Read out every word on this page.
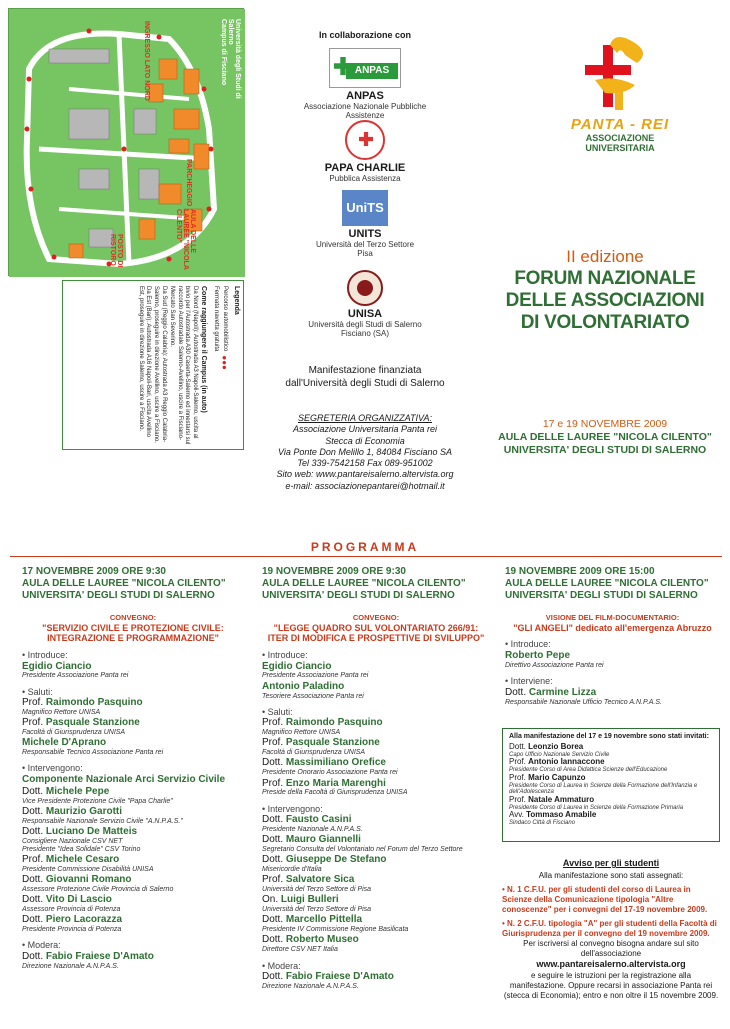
Università degli Studi di Salerno
Campus di Fisciano
INGRESSO LATO NORD
PARCHEGGIO
AULA DELLE LAUREE "NICOLA CILENTO"
POSTO DI RISTORO
Legenda
Percorso automobilistico
●●●
Fermata navetta gratuita
Come raggiungere il Campus (in auto)
Da Nord (Napoli): Autostrada A3 Napoli-Salerno, uscita al bivio per l'Autostrada A30 Caserta-Salerno ed innestarsi sul raccordo Autostradale Salerno-Avellino, uscire a Fisciano-Mercato San Severino.
Da Sud (Reggio Calabria): Autostrada A3 Reggio Calabria-Salerno, proseguire in direzione Avellino, uscire a Fisciano.
Da Est (Bari): Autostrada A16 Napoli-Bari, uscita Avellino Est, proseguire in direzione Salerno, uscire a Fisciano.
In collaborazione con
ANPAS
ANPAS
Associazione Nazionale Pubbliche Assistenze
PAPA CHARLIE
Pubblica Assistenza
UniTS
UNITS
Università del Terzo Settore
Pisa
UNISA
Università degli Studi di Salerno
Fisciano (SA)
Manifestazione finanziata
dall'Università degli Studi di Salerno
SEGRETERIA ORGANIZZATIVA:
Associazione Universitaria Panta rei
Stecca di Economia
Via Ponte Don Melillo 1, 84084 Fisciano SA
Tel 339-7542158 Fax 089-951002
Sito web: www.pantareisalerno.altervista.org
e-mail: associazionepantarei@hotmail.it
PANTA - REI
ASSOCIAZIONE UNIVERSITARIA
II edizione
FORUM NAZIONALE
DELLE ASSOCIAZIONI
DI VOLONTARIATO
17 e 19 NOVEMBRE 2009
AULA DELLE LAUREE "NICOLA CILENTO"
UNIVERSITA' DEGLI STUDI DI SALERNO
PROGRAMMA
17 NOVEMBRE 2009 ORE 9:30
AULA DELLE LAUREE "NICOLA CILENTO"
UNIVERSITA' DEGLI STUDI DI SALERNO
CONVEGNO:
"SERVIZIO CIVILE E PROTEZIONE CIVILE:
INTEGRAZIONE E PROGRAMMAZIONE"
• Introduce:
Egidio Ciancio
Presidente Associazione Panta rei
• Saluti:
Prof. Raimondo Pasquino
Magnifico Rettore UNISA
Prof. Pasquale Stanzione
Facoltà di Giurisprudenza UNISA
Michele D'Aprano
Responsabile Tecnico Associazione Panta rei
• Intervengono:
Componente Nazionale Arci Servizio Civile
Dott. Michele Pepe
Vice Presidente Protezione Civile "Papa Charlie"
Dott. Maurizio Garotti
Responsabile Nazionale Servizio Civile "A.N.P.A.S."
Dott. Luciano De Matteis
Consigliere Nazionale CSV NET
Presidente "Idea Solidale" CSV Torino
Prof. Michele Cesaro
Presidente Commissione Disabilità UNISA
Dott. Giovanni Romano
Assessore Protezione Civile Provincia di Salerno
Dott. Vito Di Lascio
Assessore Provincia di Potenza
Dott. Piero Lacorazza
Presidente Provincia di Potenza
• Modera:
Dott. Fabio Fraiese D'Amato
Direzione Nazionale A.N.P.A.S.
19 NOVEMBRE 2009 ORE 9:30
AULA DELLE LAUREE "NICOLA CILENTO"
UNIVERSITA' DEGLI STUDI DI SALERNO
CONVEGNO:
"LEGGE QUADRO SUL VOLONTARIATO 266/91:
ITER DI MODIFICA E PROSPETTIVE DI SVILUPPO"
• Introduce:
Egidio Ciancio
Presidente Associazione Panta rei
Antonio Paladino
Tesoriere Associazione Panta rei
• Saluti:
Prof. Raimondo Pasquino
Magnifico Rettore UNISA
Prof. Pasquale Stanzione
Facoltà di Giurisprudenza UNISA
Dott. Massimiliano Orefice
Presidente Onorario Associazione Panta rei
Prof. Enzo Maria Marenghi
Preside della Facoltà di Giurisprudenza UNISA
• Intervengono:
Dott. Fausto Casini
Presidente Nazionale A.N.P.A.S.
Dott. Mauro Giannelli
Segretario Consulta del Volontariato nel Forum del Terzo Settore
Dott. Giuseppe De Stefano
Misericordie d'Italia
Prof. Salvatore Sica
Università del Terzo Settore di Pisa
On. Luigi Bulleri
Università del Terzo Settore di Pisa
Dott. Marcello Pittella
Presidente IV Commissione Regione Basilicata
Dott. Roberto Museo
Direttore CSV NET Italia
• Modera:
Dott. Fabio Fraiese D'Amato
Direzione Nazionale A.N.P.A.S.
19 NOVEMBRE 2009 ORE 15:00
AULA DELLE LAUREE "NICOLA CILENTO"
UNIVERSITA' DEGLI STUDI DI SALERNO
VISIONE DEL FILM-DOCUMENTARIO:
"GLI ANGELI" dedicato all'emergenza Abruzzo
• Introduce:
Roberto Pepe
Direttivo Associazione Panta rei
• Interviene:
Dott. Carmine Lizza
Responsabile Nazionale Ufficio Tecnico A.N.P.A.S.
Alla manifestazione del 17 e 19 novembre sono stati invitati:
Dott. Leonzio Borea
Capo Ufficio Nazionale Servizio Civile
Prof. Antonio Iannaccone
Presidente Corso di Area Didattica Scienze dell'Educazione
Prof. Mario Capunzo
Presidente Corso di Laurea in Scienze della Formazione dell'Infanzia e dell'Adolescenza
Prof. Natale Ammaturo
Presidente Corso di Laurea in Scienze della Formazione Primaria
Avv. Tommaso Amabile
Sindaco Città di Fisciano
Avviso per gli studenti
Alla manifestazione sono stati assegnati:
• N. 1 C.F.U. per gli studenti del corso di Laurea in Scienze della Comunicazione tipologia "Altre conoscenze" per i convegni del 17-19 novembre 2009.
• N. 2 C.F.U. tipologia "A" per gli studenti della Facoltà di Giurisprudenza per il convegno del 19 novembre 2009.
Per iscriversi al convegno bisogna andare sul sito dell'associazione
www.pantareisalerno.altervista.org
e seguire le istruzioni per la registrazione alla manifestazione. Oppure recarsi in associazione Panta rei (stecca di Economia); entro e non oltre il 15 novembre 2009.
